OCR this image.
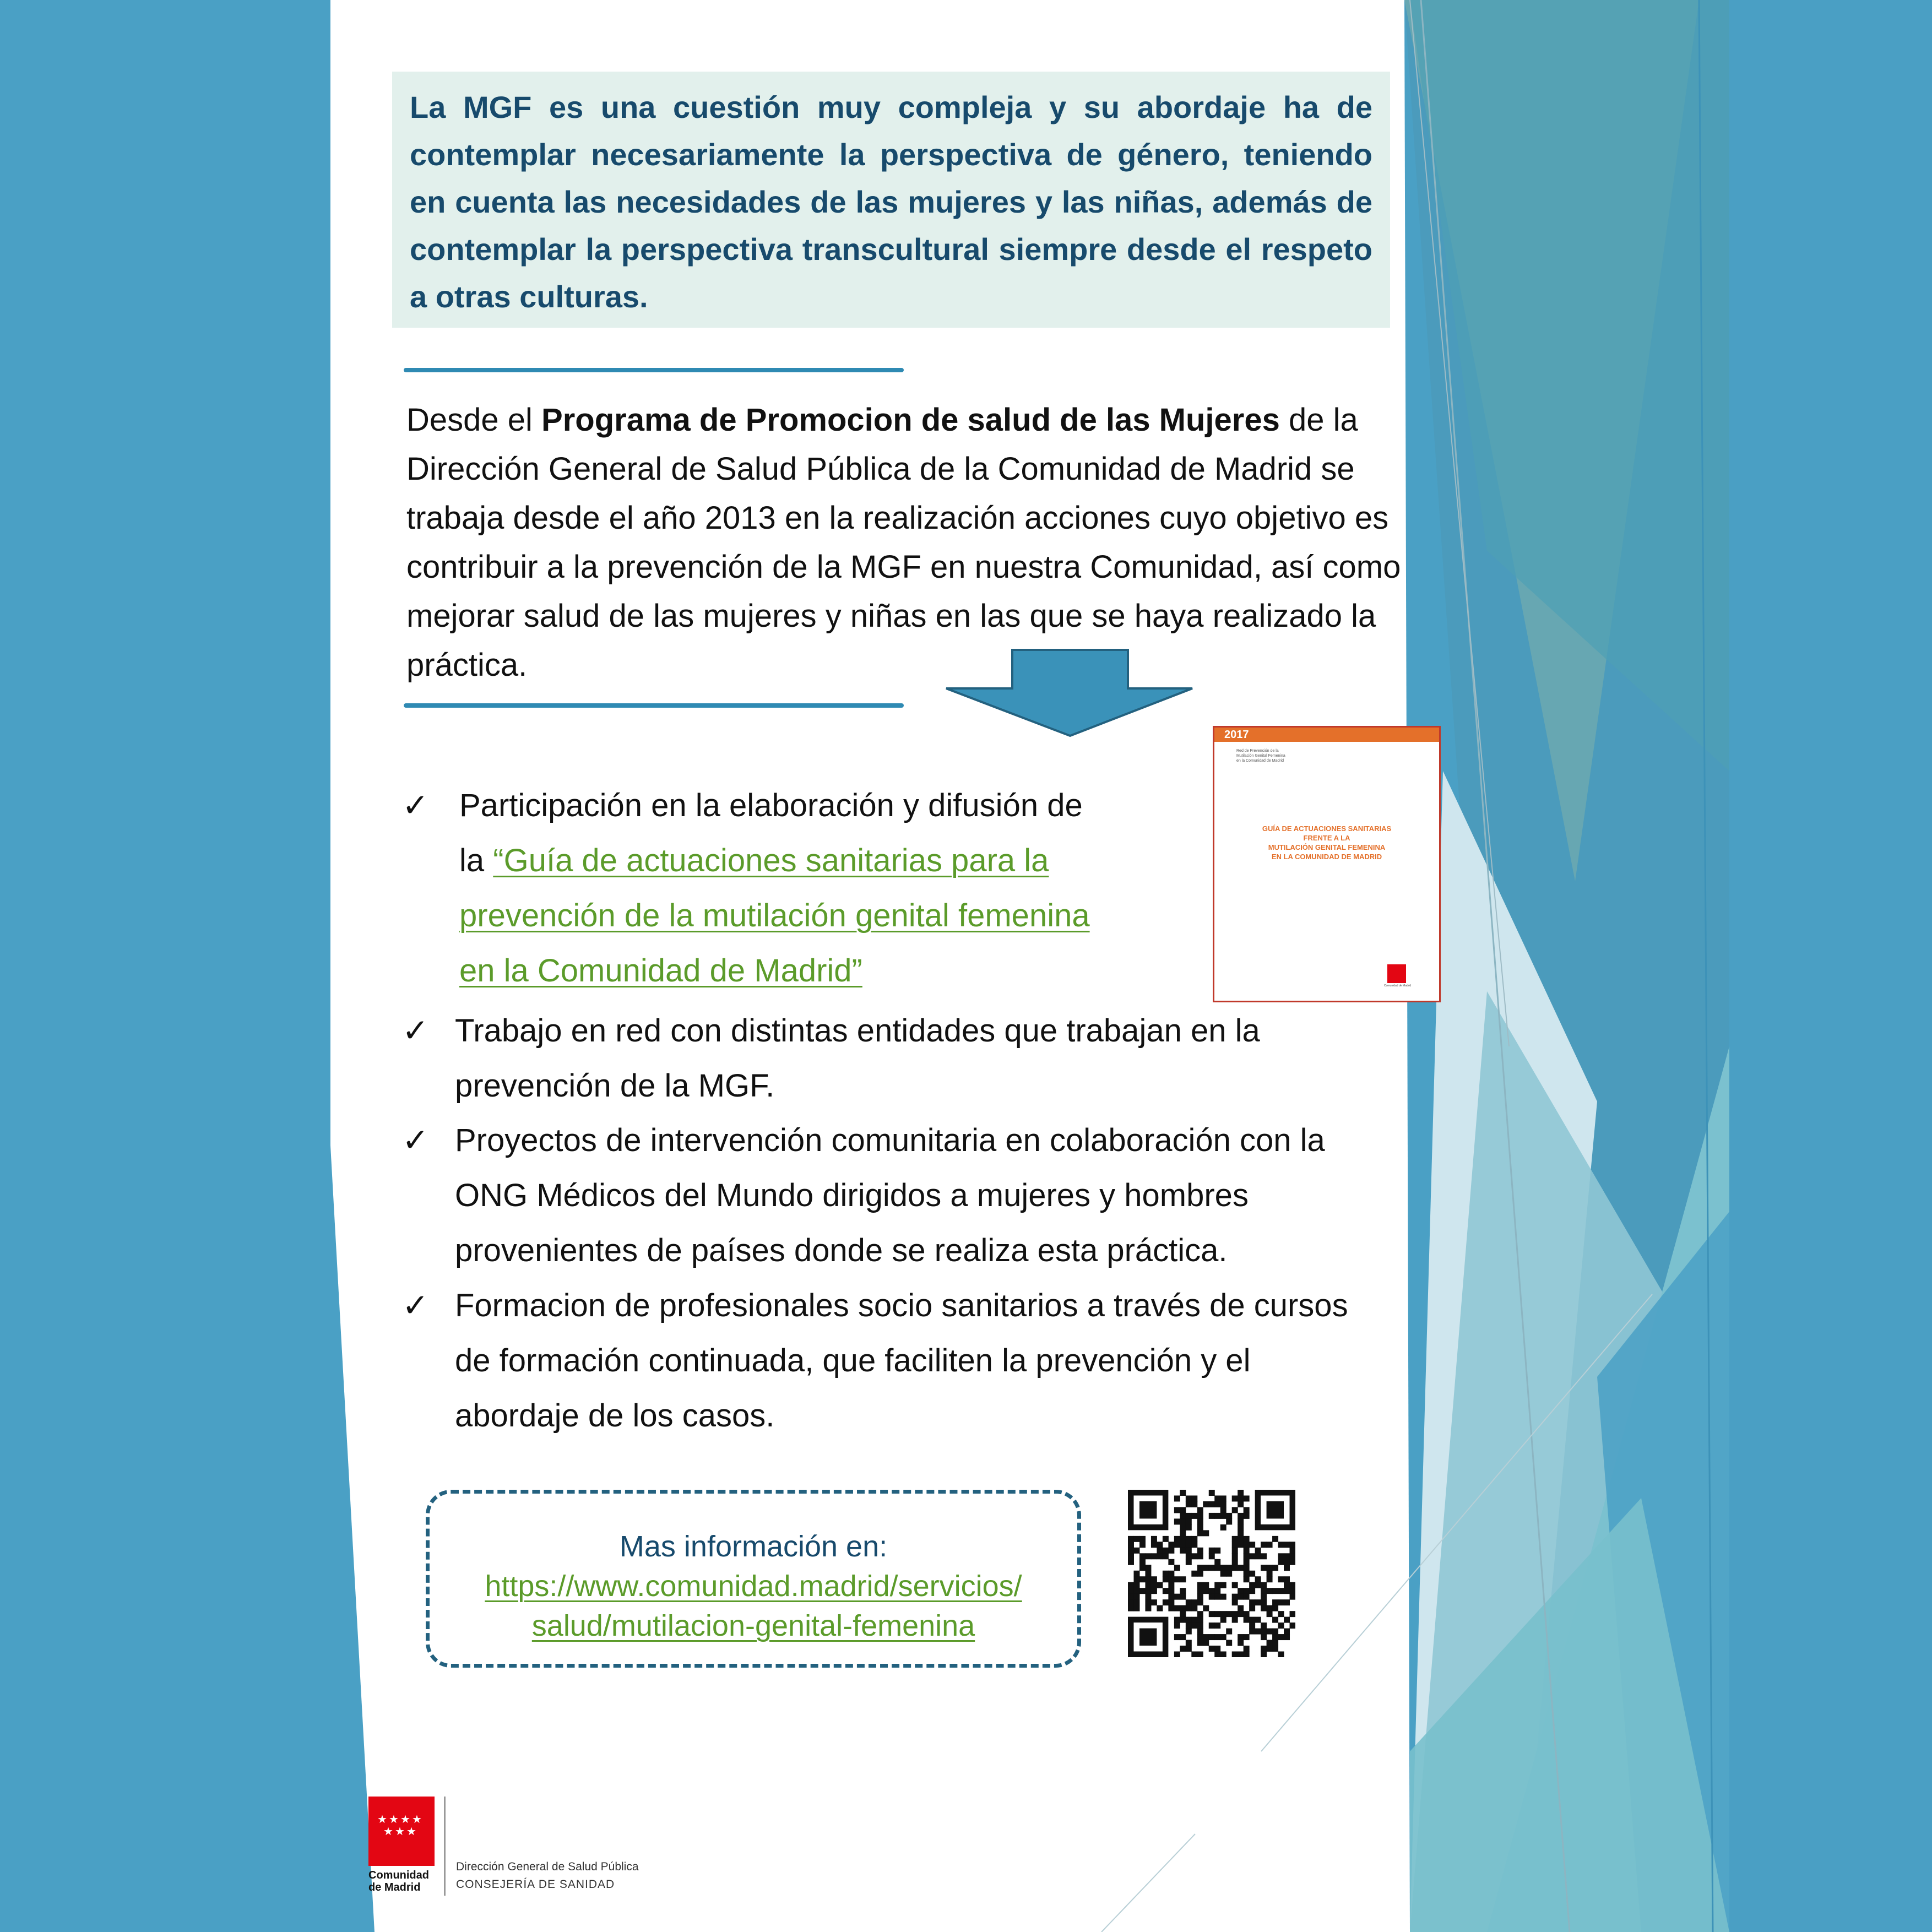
La MGF es una cuestión muy compleja y su abordaje ha de contemplar necesariamente la perspectiva de género, teniendo en cuenta las necesidades de las mujeres y las niñas, además de contemplar la perspectiva transcultural siempre desde el respeto a otras culturas.

Desde el Programa de Promocion de salud de las Mujeres de la Dirección General de Salud Pública de la Comunidad de Madrid se trabaja desde el año 2013 en la realización acciones cuyo objetivo es contribuir a la prevención de la MGF en nuestra Comunidad, así como mejorar salud de las mujeres y niñas en las que se haya realizado la práctica.

✓ Participación en la elaboración y difusión de
la “Guía de actuaciones sanitarias para la
prevención de la mutilación genital femenina
en la Comunidad de Madrid”
✓ Trabajo en red con distintas entidades que trabajan en la
prevención de la MGF.
✓ Proyectos de intervención comunitaria en colaboración con la
ONG Médicos del Mundo dirigidos a mujeres y hombres
provenientes de países donde se realiza esta práctica.
✓ Formacion de profesionales socio sanitarios a través de cursos
de formación continuada, que faciliten la prevención y el
abordaje de los casos.
2017
Red de Prevención de la Mutilación Genital Femenina en la Comunidad de Madrid
GUÍA DE ACTUACIONES SANITARIAS
FRENTE A LA
MUTILACIÓN GENITAL FEMENINA
EN LA COMUNIDAD DE MADRID
Comunidad de Madrid
Mas información en:
https://www.comunidad.madrid/servicios/
salud/mutilacion-genital-femenina
★ ★ ★ ★
★ ★ ★
Comunidad
de Madrid
Dirección General de Salud Pública
CONSEJERÍA DE SANIDAD
